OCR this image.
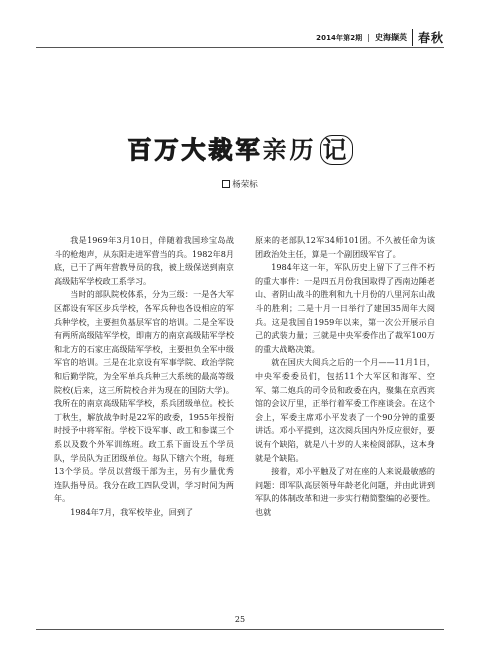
2014年第2期 | 史海撷英 春秋
百万大裁军亲历 记
杨荣标

我是1969年3月10日，伴随着我国珍宝岛战斗的枪炮声，从东阳走进军营当的兵。1982年8月底，已干了两年营教导员的我，被上级保送到南京高级陆军学校政工系学习。

当时的部队院校体系，分为三级：一是各大军区都设有军区步兵学校，各军兵种也各设相应的军兵种学校，主要担负基层军官的培训。二是全军设有两所高级陆军学校，即南方的南京高级陆军学校和北方的石家庄高级陆军学校，主要担负全军中级军官的培训。三是在北京设有军事学院、政治学院和后勤学院，为全军单兵兵种三大系统的最高等级院校(后来，这三所院校合并为现在的国防大学)。我所在的南京高级陆军学校，系兵团级单位。校长丁秋生，解放战争时是22军的政委，1955年授衔时授予中将军衔。学校下设军事、政工和参谋三个系以及数个外军训练班。政工系下面设五个学员队，学员队为正团级单位。每队下辖六个班，每班13个学员。学员以营级干部为主，另有少量优秀连队指导员。我分在政工四队受训，学习时间为两年。

1984年7月，我军校毕业，回到了

原来的老部队12军34师101团。不久被任命为该团政治处主任，算是一个副团级军官了。

1984年这一年，军队历史上留下了三件不朽的重大事件：一是四五月份我国取得了西南边陲老山、者阴山战斗的胜利和九十月份的八里河东山战斗的胜利；二是十月一日举行了建国35周年大阅兵。这是我国自1959年以来，第一次公开展示自己的武装力量；三就是中央军委作出了裁军100万的重大战略决策。

就在国庆大阅兵之后的一个月——11月1日，中央军委委员们，包括11个大军区和海军、空军、第二炮兵的司令员和政委在内，聚集在京西宾馆的会议厅里，正举行着军委工作座谈会。在这个会上，军委主席邓小平发表了一个90分钟的重要讲话。邓小平提到，这次阅兵国内外反应很好，要说有个缺陷，就是八十岁的人来检阅部队，这本身就是个缺陷。

接着，邓小平触及了对在座的人来说最敏感的问题：即军队高层领导年龄老化问题，并由此讲到军队的体制改革和进一步实行精简整编的必要性。也就

25
